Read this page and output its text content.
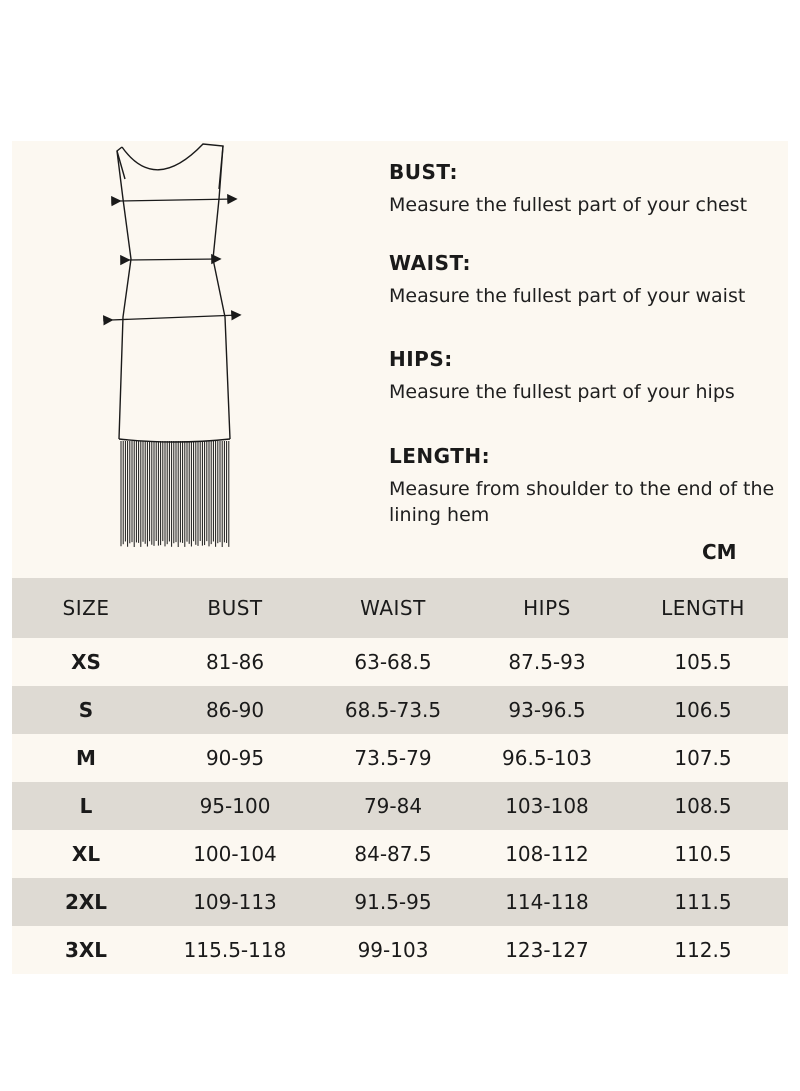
BUST:
Measure the fullest part of your chest
WAIST:
Measure the fullest part of your waist
HIPS:
Measure the fullest part of your hips
LENGTH:
Measure from shoulder to the end of the lining hem
CM
SIZE	BUST	WAIST	HIPS	LENGTH
XS	81-86	63-68.5	87.5-93	105.5
S	86-90	68.5-73.5	93-96.5	106.5
M	90-95	73.5-79	96.5-103	107.5
L	95-100	79-84	103-108	108.5
XL	100-104	84-87.5	108-112	110.5
2XL	109-113	91.5-95	114-118	111.5
3XL	115.5-118	99-103	123-127	112.5
